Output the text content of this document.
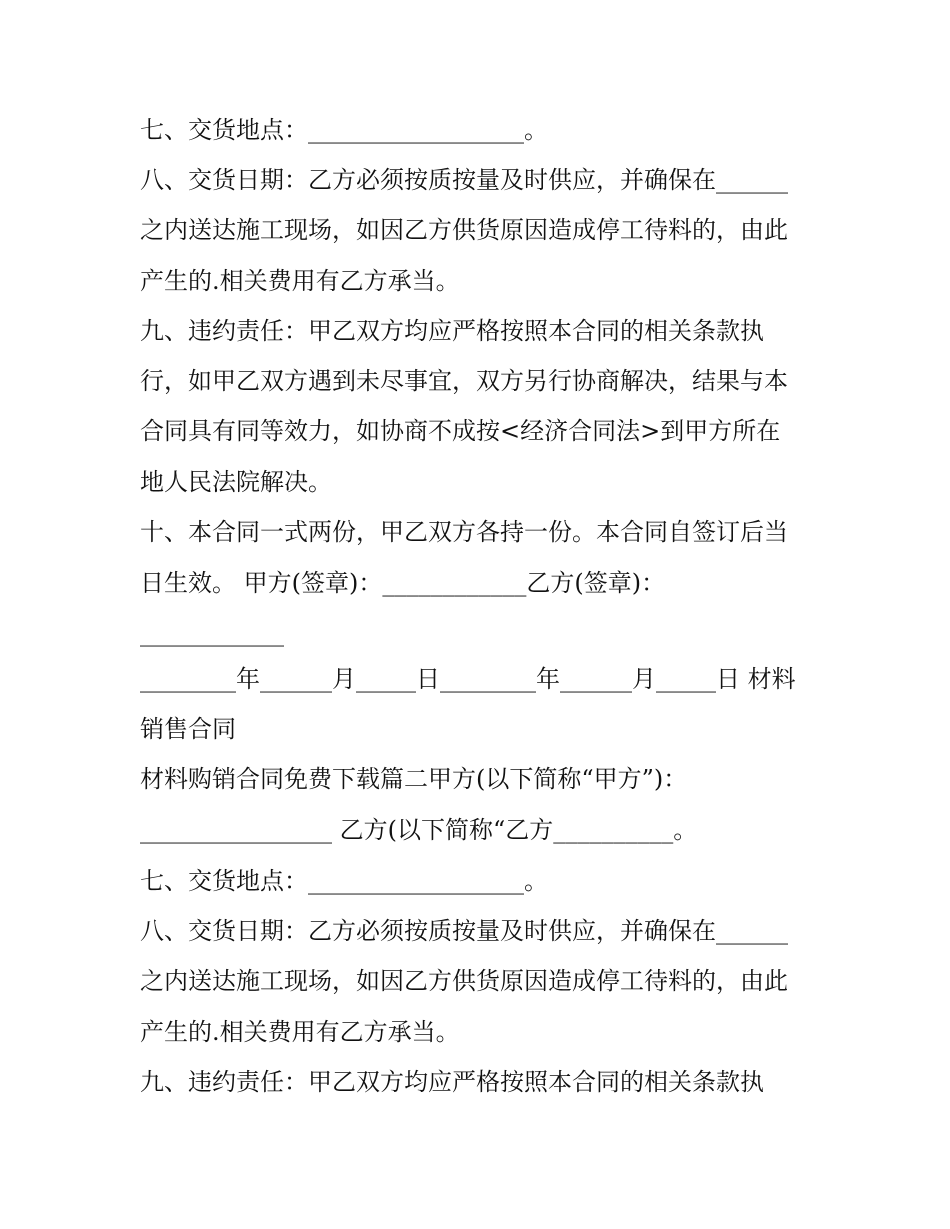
七、交货地点：__________________。
八、交货日期：乙方必须按质按量及时供应，并确保在______
之内送达施工现场，如因乙方供货原因造成停工待料的，由此
产生的.相关费用有乙方承当。
九、违约责任：甲乙双方均应严格按照本合同的相关条款执
行，如甲乙双方遇到未尽事宜，双方另行协商解决，结果与本
合同具有同等效力，如协商不成按<经济合同法>到甲方所在
地人民法院解决。
十、本合同一式两份，甲乙双方各持一份。本合同自签订后当
日生效。 甲方(签章)：____________乙方(签章)：
____________
________年______月_____日________年______月_____日 材料
销售合同
材料购销合同免费下载篇二甲方(以下简称“甲方”)：
________________ 乙方(以下简称“乙方__________。
七、交货地点：__________________。
八、交货日期：乙方必须按质按量及时供应，并确保在______
之内送达施工现场，如因乙方供货原因造成停工待料的，由此
产生的.相关费用有乙方承当。
九、违约责任：甲乙双方均应严格按照本合同的相关条款执
